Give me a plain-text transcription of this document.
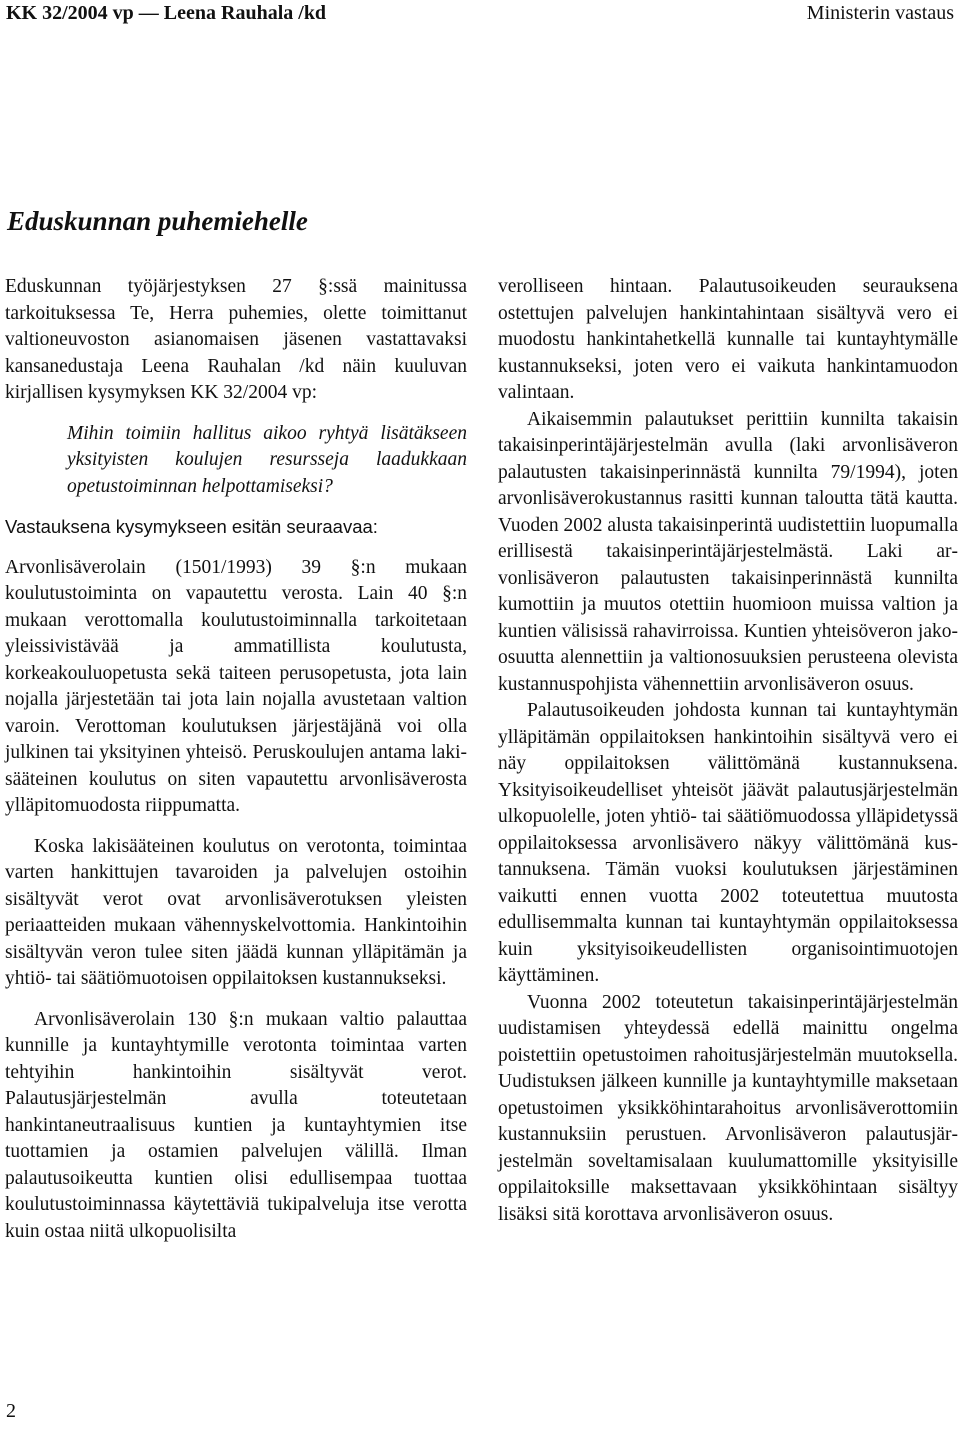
KK 32/2004 vp — Leena Rauhala /kd	Ministerin vastaus
Eduskunnan puhemiehelle

Eduskunnan työjärjestyksen 27 §:ssä mainitussa tarkoituksessa Te, Herra puhemies, olette toimittanut valtioneuvoston asianomaisen jäsenen vastattavaksi kansanedustaja Leena Rauhalan /kd näin kuuluvan kirjallisen kysymyksen KK 32/2004 vp:

Mihin toimiin hallitus aikoo ryhtyä lisätäkseen yksityisten koulujen resursseja laadukkaan opetustoiminnan helpottamiseksi?

Vastauksena kysymykseen esitän seuraavaa:

Arvonlisäverolain (1501/1993) 39 §:n mukaan koulutustoiminta on vapautettu verosta. Lain 40 §:n mukaan verottomalla koulutustoiminnalla tarkoitetaan yleissivistävää ja ammatillista koulutusta, korkeakouluopetusta sekä taiteen perusopetusta, jota lain nojalla järjestetään tai jota lain nojalla avustetaan valtion varoin. Verottoman koulutuksen järjestäjänä voi olla julkinen tai yksityinen yhteisö. Peruskoulujen antama lakisääteinen koulutus on siten vapautettu arvonlisäverosta ylläpitomuodosta riippumatta.

Koska lakisääteinen koulutus on verotonta, toimintaa varten hankittujen tavaroiden ja palvelujen ostoihin sisältyvät verot ovat arvonlisäverotuksen yleisten periaatteiden mukaan vähennyskelvottomia. Hankintoihin sisältyvän veron tulee siten jäädä kunnan ylläpitämän ja yhtiö- tai säätiömuotoisen oppilaitoksen kustannukseksi.

Arvonlisäverolain 130 §:n mukaan valtio palauttaa kunnille ja kuntayhtymille verotonta toimintaa varten tehtyihin hankintoihin sisältyvät verot. Palautusjärjestelmän avulla toteutetaan hankintaneutraalisuus kuntien ja kuntayhtymien itse tuottamien ja ostamien palvelujen välillä. Ilman palautusoikeutta kuntien olisi edullisempaa tuottaa koulutustoiminnassa käytettäviä tukipalveluja itse verotta kuin ostaa niitä ulkopuolisilta

verolliseen hintaan. Palautusoikeuden seurauksena ostettujen palvelujen hankintahintaan sisältyvä vero ei muodostu hankintahetkellä kunnalle tai kuntayhtymälle kustannukseksi, joten vero ei vaikuta hankintamuodon valintaan.

Aikaisemmin palautukset perittiin kunnilta takaisin takaisinperintäjärjestelmän avulla (laki arvonlisäveron palautusten takaisinperinnästä kunnilta 79/1994), joten arvonlisäverokustannus rasitti kunnan taloutta tätä kautta. Vuoden 2002 alusta takaisinperintä uudistettiin luopumalla erillisestä takaisinperintäjärjestelmästä. Laki arvonlisäveron palautusten takaisinperinnästä kunnilta kumottiin ja muutos otettiin huomioon muissa valtion ja kuntien välisissä rahavirroissa. Kuntien yhteisöveron jako-osuutta alennettiin ja valtionosuuksien perusteena olevista kustannuspohjista vähennettiin arvonlisäveron osuus.

Palautusoikeuden johdosta kunnan tai kuntayhtymän ylläpitämän oppilaitoksen hankintoihin sisältyvä vero ei näy oppilaitoksen välittömänä kustannuksena. Yksityisoikeudelliset yhteisöt jäävät palautusjärjestelmän ulkopuolelle, joten yhtiö- tai säätiömuodossa ylläpidetyssä oppilaitoksessa arvonlisävero näkyy välittömänä kustannuksena. Tämän vuoksi koulutuksen järjestäminen vaikutti ennen vuotta 2002 toteutettua muutosta edullisemmalta kunnan tai kuntayhtymän oppilaitoksessa kuin yksityisoikeudellisten organisointimuotojen käyttäminen.

Vuonna 2002 toteutetun takaisinperintäjärjestelmän uudistamisen yhteydessä edellä mainittu ongelma poistettiin opetustoimen rahoitusjärjestelmän muutoksella. Uudistuksen jälkeen kunnille ja kuntayhtymille maksetaan opetustoimen yksikköhintarahoitus arvonlisäverottomiin kustannuksiin perustuen. Arvonlisäveron palautusjärjestelmän soveltamisalaan kuulumattomille yksityisille oppilaitoksille maksettavaan yksikköhintaan sisältyy lisäksi sitä korottava arvonlisäveron osuus.

2
